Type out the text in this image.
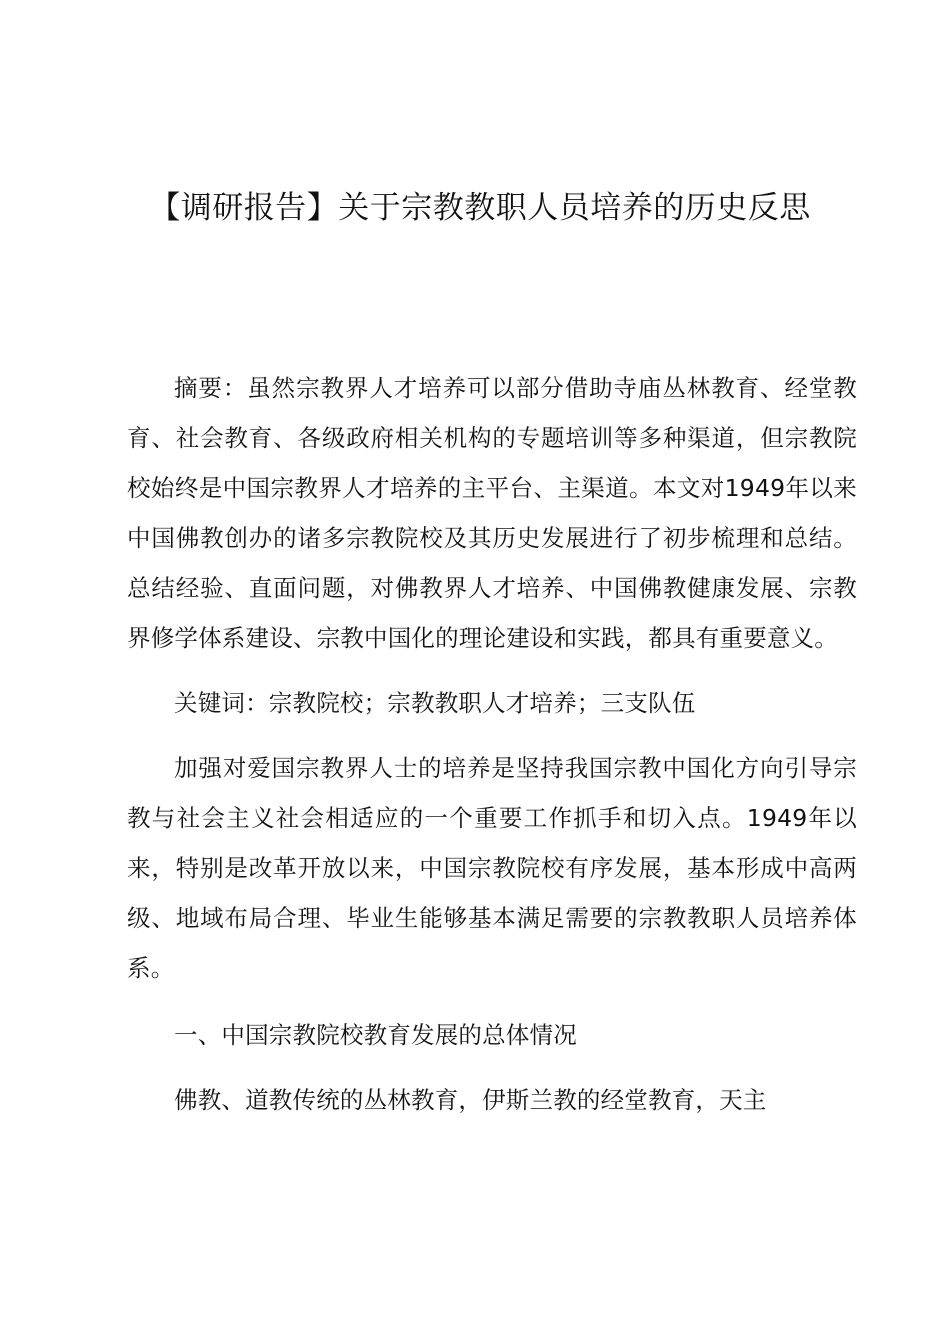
【调研报告】关于宗教教职人员培养的历史反思

摘要：虽然宗教界人才培养可以部分借助寺庙丛林教育、经堂教育、社会教育、各级政府相关机构的专题培训等多种渠道，但宗教院校始终是中国宗教界人才培养的主平台、主渠道。本文对1949年以来中国佛教创办的诸多宗教院校及其历史发展进行了初步梳理和总结。总结经验、直面问题，对佛教界人才培养、中国佛教健康发展、宗教界修学体系建设、宗教中国化的理论建设和实践，都具有重要意义。

关键词：宗教院校；宗教教职人才培养；三支队伍

加强对爱国宗教界人士的培养是坚持我国宗教中国化方向引导宗教与社会主义社会相适应的一个重要工作抓手和切入点。1949年以来，特别是改革开放以来，中国宗教院校有序发展，基本形成中高两级、地域布局合理、毕业生能够基本满足需要的宗教教职人员培养体系。

一、中国宗教院校教育发展的总体情况

佛教、道教传统的丛林教育，伊斯兰教的经堂教育，天主
